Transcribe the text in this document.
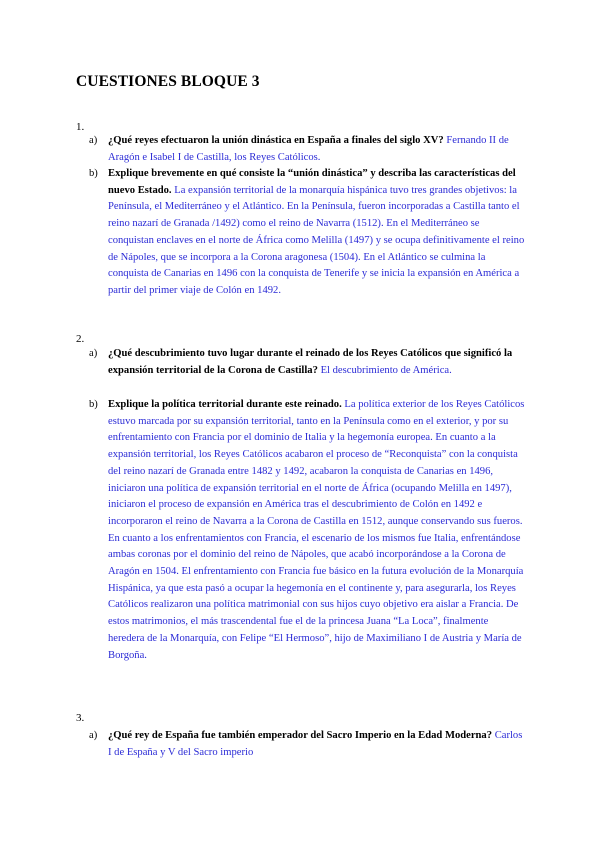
CUESTIONES BLOQUE 3
1.
a) ¿Qué reyes efectuaron la unión dinástica en España a finales del siglo XV? Fernando II de Aragón e Isabel I de Castilla, los Reyes Católicos.
b) Explique brevemente en qué consiste la “unión dinástica” y describa las características del nuevo Estado. La expansión territorial de la monarquía hispánica tuvo tres grandes objetivos: la Península, el Mediterráneo y el Atlántico. En la Península, fueron incorporadas a Castilla tanto el reino nazarí de Granada /1492) como el reino de Navarra (1512). En el Mediterráneo se conquistan enclaves en el norte de África como Melilla (1497) y se ocupa definitivamente el reino de Nápoles, que se incorpora a la Corona aragonesa (1504). En el Atlántico se culmina la conquista de Canarias en 1496 con la conquista de Tenerife y se inicia la expansión en América a partir del primer viaje de Colón en 1492.
2.
a) ¿Qué descubrimiento tuvo lugar durante el reinado de los Reyes Católicos que significó la expansión territorial de la Corona de Castilla? El descubrimiento de América.
b) Explique la política territorial durante este reinado. La política exterior de los Reyes Católicos estuvo marcada por su expansión territorial, tanto en la Península como en el exterior, y por su enfrentamiento con Francia por el dominio de Italia y la hegemonía europea. En cuanto a la expansión territorial, los Reyes Católicos acabaron el proceso de “Reconquista” con la conquista del reino nazarí de Granada entre 1482 y 1492, acabaron la conquista de Canarias en 1496, iniciaron una política de expansión territorial en el norte de África (ocupando Melilla en 1497), iniciaron el proceso de expansión en América tras el descubrimiento de Colón en 1492 e incorporaron el reino de Navarra a la Corona de Castilla en 1512, aunque conservando sus fueros. En cuanto a los enfrentamientos con Francia, el escenario de los mismos fue Italia, enfrentándose ambas coronas por el dominio del reino de Nápoles, que acabó incorporándose a la Corona de Aragón en 1504. El enfrentamiento con Francia fue básico en la futura evolución de la Monarquía Hispánica, ya que esta pasó a ocupar la hegemonía en el continente y, para asegurarla, los Reyes Católicos realizaron una política matrimonial con sus hijos cuyo objetivo era aislar a Francia. De estos matrimonios, el más trascendental fue el de la princesa Juana “La Loca”, finalmente heredera de la Monarquía, con Felipe “El Hermoso”, hijo de Maximiliano I de Austria y María de Borgoña.
3.
a) ¿Qué rey de España fue también emperador del Sacro Imperio en la Edad Moderna? Carlos I de España y V del Sacro imperio
